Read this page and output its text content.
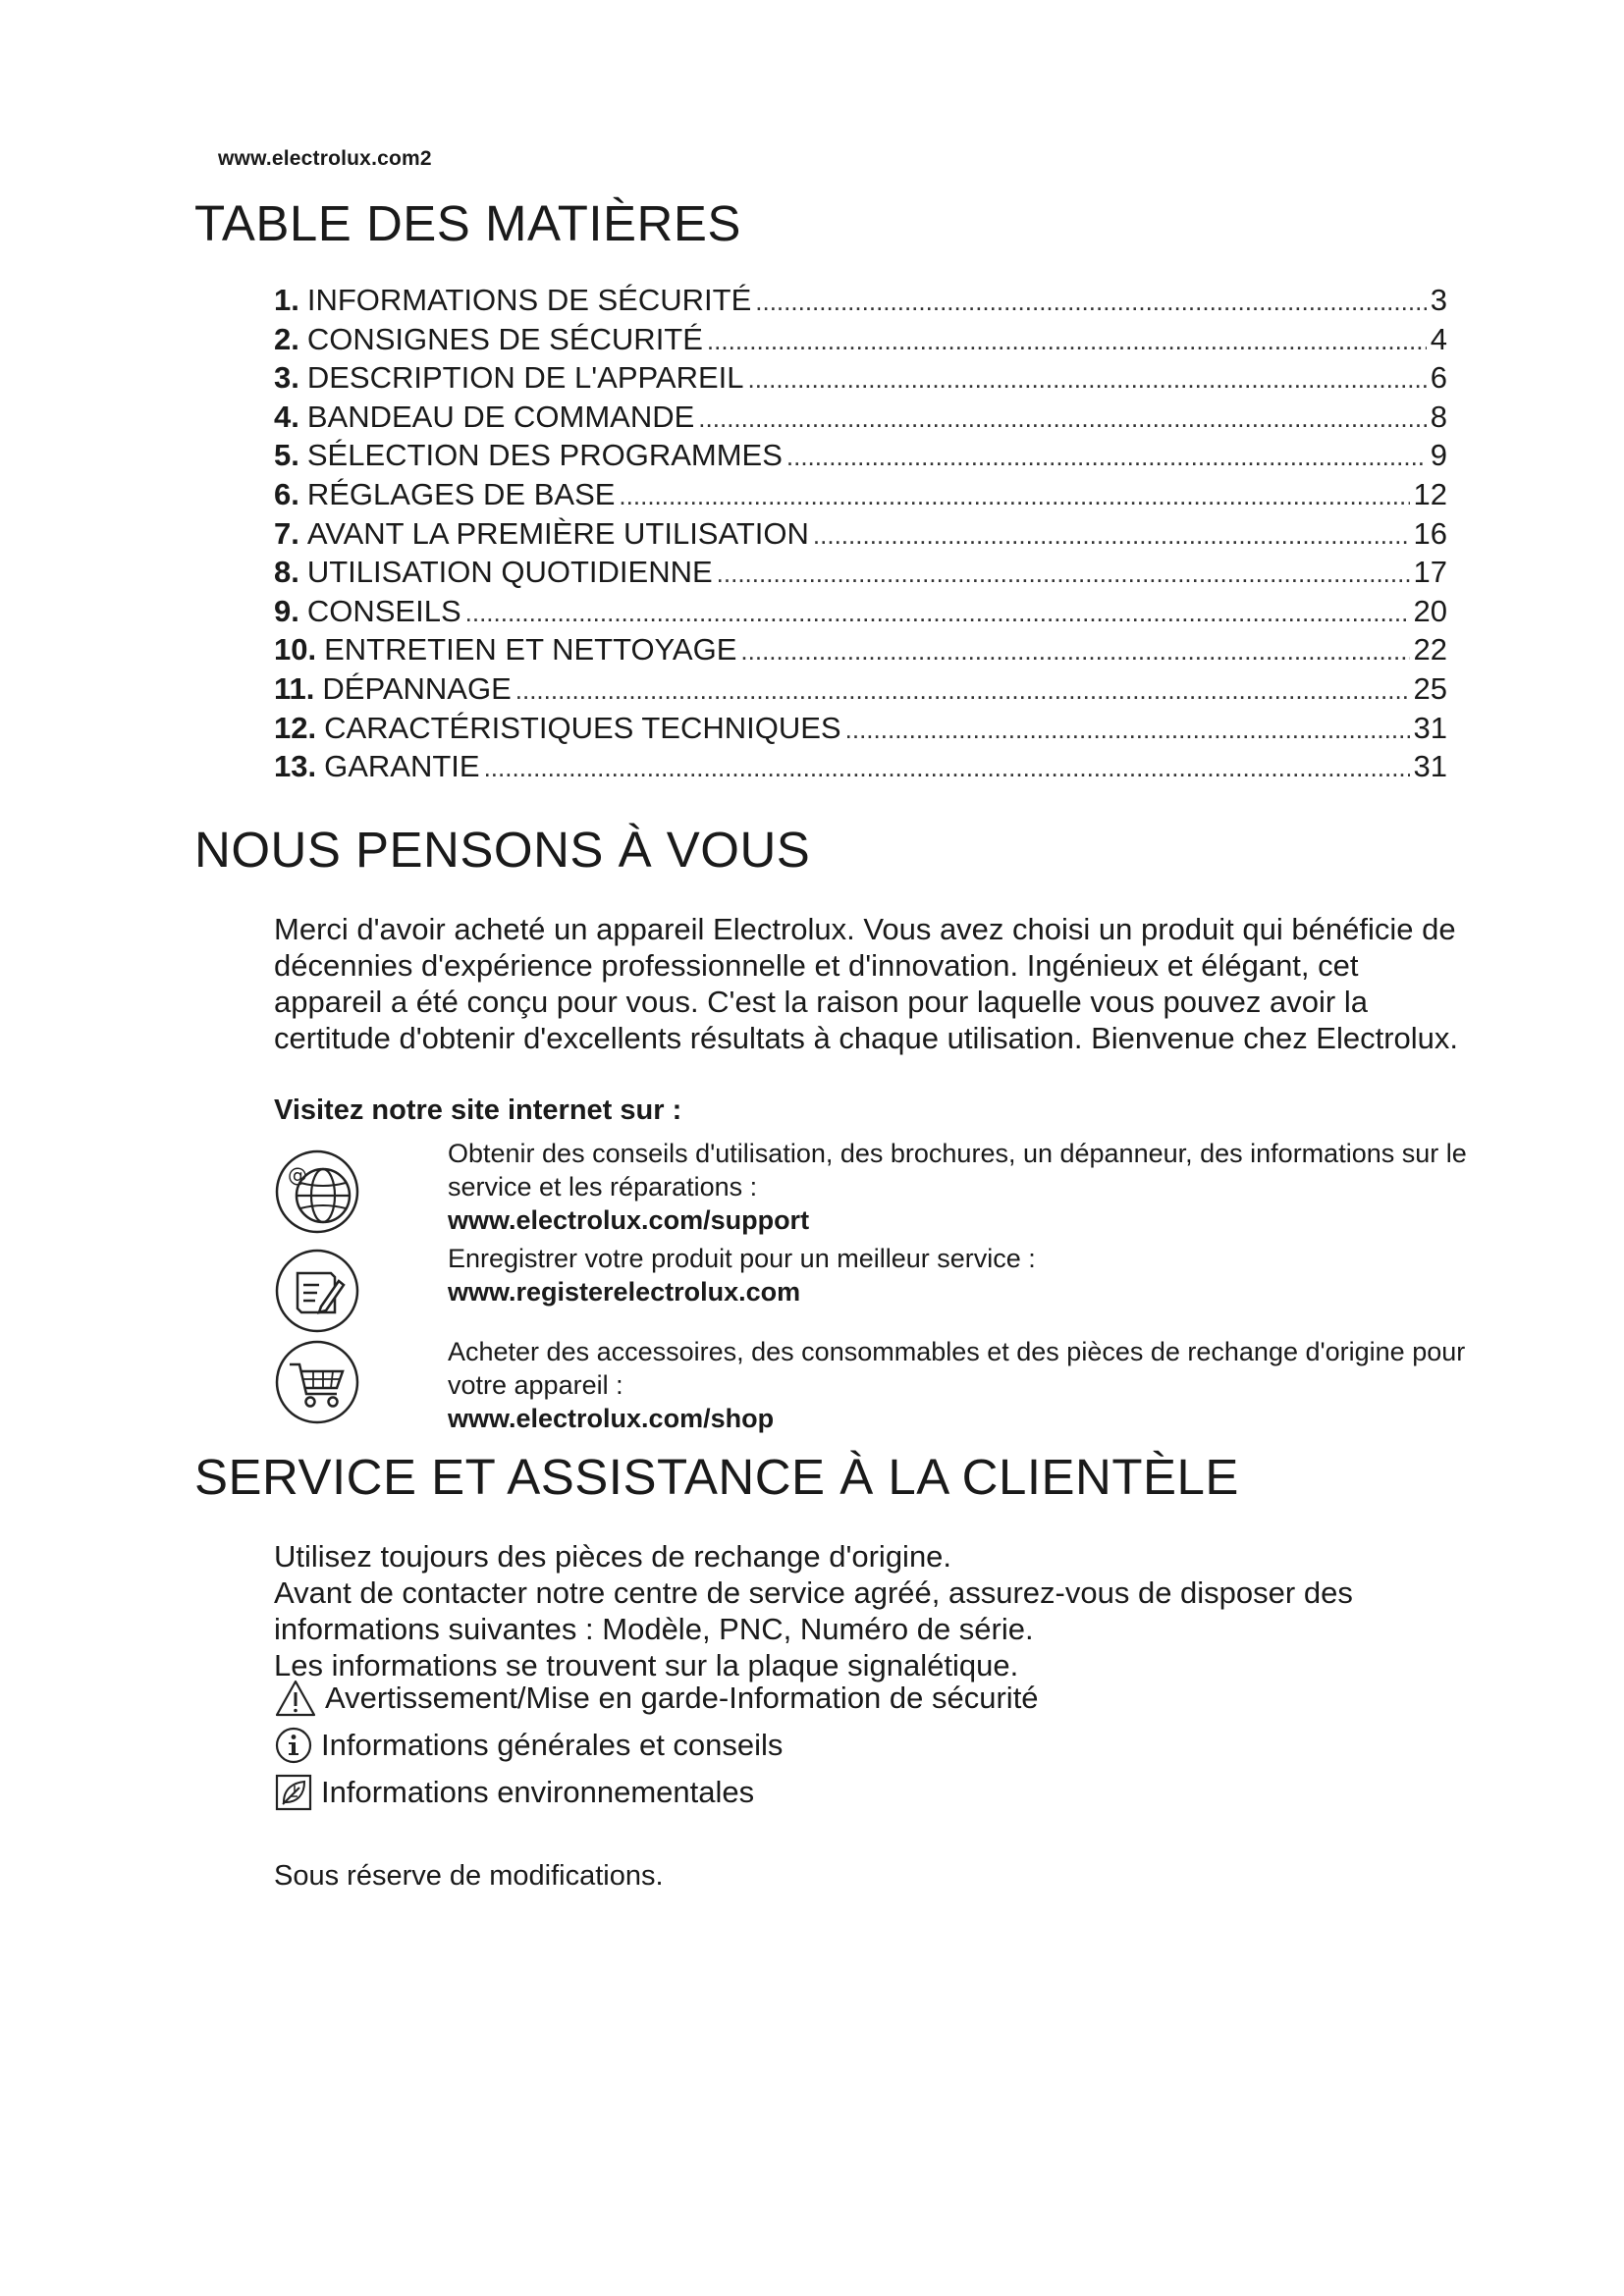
www.electrolux.com2
TABLE DES MATIÈRES
1. INFORMATIONS DE SÉCURITÉ .....	3
2. CONSIGNES DE SÉCURITÉ .....	4
3. DESCRIPTION DE L'APPAREIL .....	6
4. BANDEAU DE COMMANDE .....	8
5. SÉLECTION DES PROGRAMMES .....	9
6. RÉGLAGES DE BASE .....	12
7. AVANT LA PREMIÈRE UTILISATION .....	16
8. UTILISATION QUOTIDIENNE .....	17
9. CONSEILS .....	20
10. ENTRETIEN ET NETTOYAGE .....	22
11. DÉPANNAGE .....	25
12. CARACTÉRISTIQUES TECHNIQUES .....	31
13. GARANTIE .....	31
NOUS PENSONS À VOUS

Merci d'avoir acheté un appareil Electrolux. Vous avez choisi un produit qui bénéficie de décennies d'expérience professionnelle et d'innovation. Ingénieux et élégant, cet appareil a été conçu pour vous. C'est la raison pour laquelle vous pouvez avoir la certitude d'obtenir d'excellents résultats à chaque utilisation. Bienvenue chez Electrolux.

Visitez notre site internet sur :
@
Obtenir des conseils d'utilisation, des brochures, un dépanneur, des informations sur le service et les réparations :
www.electrolux.com/support
Enregistrer votre produit pour un meilleur service :
www.registerelectrolux.com
Acheter des accessoires, des consommables et des pièces de rechange d'origine pour votre appareil :
www.electrolux.com/shop
SERVICE ET ASSISTANCE À LA CLIENTÈLE

Utilisez toujours des pièces de rechange d'origine.
Avant de contacter notre centre de service agréé, assurez-vous de disposer des informations suivantes : Modèle, PNC, Numéro de série.
Les informations se trouvent sur la plaque signalétique.

Avertissement/Mise en garde-Information de sécurité
Informations générales et conseils
Informations environnementales
Sous réserve de modifications.
